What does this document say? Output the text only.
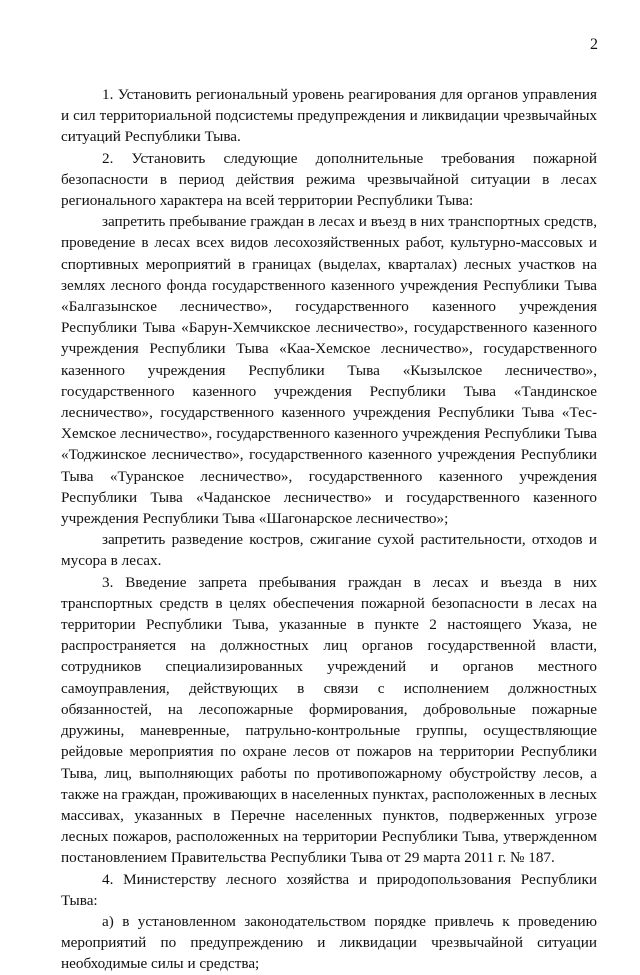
2

1. Установить региональный уровень реагирования для органов управления и сил территориальной подсистемы предупреждения и ликвидации чрезвычайных ситуаций Республики Тыва.

2. Установить следующие дополнительные требования пожарной безопасности в период действия режима чрезвычайной ситуации в лесах регионального характера на всей территории Республики Тыва:

запретить пребывание граждан в лесах и въезд в них транспортных средств, проведение в лесах всех видов лесохозяйственных работ, культурно-массовых и спортивных мероприятий в границах (выделах, кварталах) лесных участков на землях лесного фонда государственного казенного учреждения Республики Тыва «Балгазынское лесничество», государственного казенного учреждения Республики Тыва «Барун-Хемчикское лесничество», государственного казенного учреждения Республики Тыва «Каа-Хемское лесничество», государственного казенного учреждения Республики Тыва «Кызылское лесничество», государственного казенного учреждения Республики Тыва «Тандинское лесничество», государственного казенного учреждения Республики Тыва «Тес-Хемское лесничество», государственного казенного учреждения Республики Тыва «Тоджинское лесничество», государственного казенного учреждения Республики Тыва «Туранское лесничество», государственного казенного учреждения Республики Тыва «Чаданское лесничество» и государственного казенного учреждения Республики Тыва «Шагонарское лесничество»;

запретить разведение костров, сжигание сухой растительности, отходов и мусора в лесах.

3. Введение запрета пребывания граждан в лесах и въезда в них транспортных средств в целях обеспечения пожарной безопасности в лесах на территории Республики Тыва, указанные в пункте 2 настоящего Указа, не распространяется на должностных лиц органов государственной власти, сотрудников специализированных учреждений и органов местного самоуправления, действующих в связи с исполнением должностных обязанностей, на лесопожарные формирования, добровольные пожарные дружины, маневренные, патрульно-контрольные группы, осуществляющие рейдовые мероприятия по охране лесов от пожаров на территории Республики Тыва, лиц, выполняющих работы по противопожарному обустройству лесов, а также на граждан, проживающих в населенных пунктах, расположенных в лесных массивах, указанных в Перечне населенных пунктов, подверженных угрозе лесных пожаров, расположенных на территории Республики Тыва, утвержденном постановлением Правительства Республики Тыва от 29 марта 2011 г. № 187.

4. Министерству лесного хозяйства и природопользования Республики Тыва:

а) в установленном законодательством порядке привлечь к проведению мероприятий по предупреждению и ликвидации чрезвычайной ситуации необходимые силы и средства;
